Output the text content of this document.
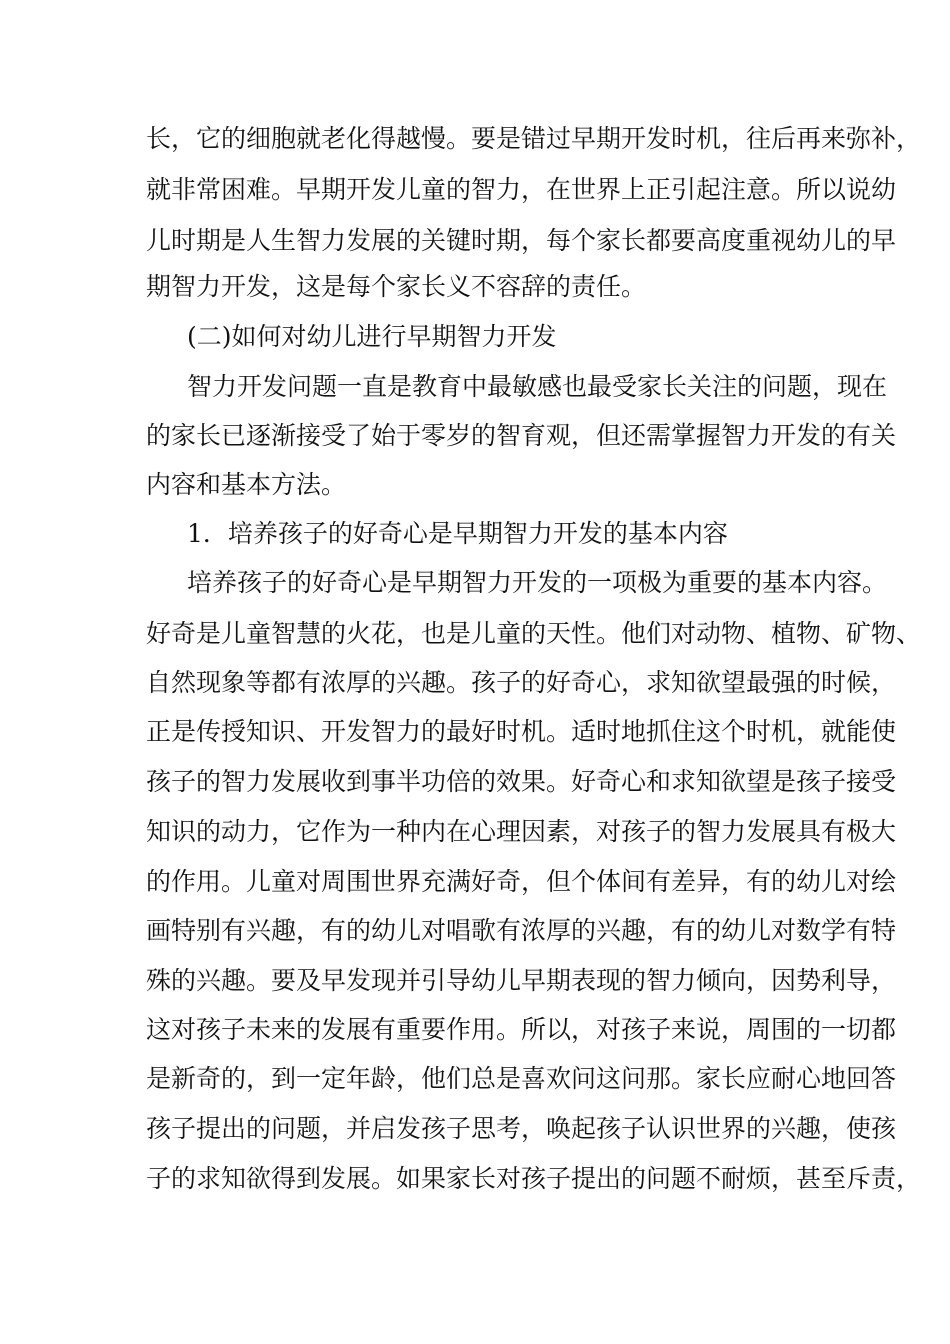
长，它的细胞就老化得越慢。要是错过早期开发时机，往后再来弥补，
就非常困难。早期开发儿童的智力，在世界上正引起注意。所以说幼
儿时期是人生智力发展的关键时期，每个家长都要高度重视幼儿的早
期智力开发，这是每个家长义不容辞的责任。
(二)如何对幼儿进行早期智力开发
智力开发问题一直是教育中最敏感也最受家长关注的问题，现在
的家长已逐渐接受了始于零岁的智育观，但还需掌握智力开发的有关
内容和基本方法。
1．培养孩子的好奇心是早期智力开发的基本内容
培养孩子的好奇心是早期智力开发的一项极为重要的基本内容。
好奇是儿童智慧的火花，也是儿童的天性。他们对动物、植物、矿物、
自然现象等都有浓厚的兴趣。孩子的好奇心，求知欲望最强的时候，
正是传授知识、开发智力的最好时机。适时地抓住这个时机，就能使
孩子的智力发展收到事半功倍的效果。好奇心和求知欲望是孩子接受
知识的动力，它作为一种内在心理因素，对孩子的智力发展具有极大
的作用。儿童对周围世界充满好奇，但个体间有差异，有的幼儿对绘
画特别有兴趣，有的幼儿对唱歌有浓厚的兴趣，有的幼儿对数学有特
殊的兴趣。要及早发现并引导幼儿早期表现的智力倾向，因势利导，
这对孩子未来的发展有重要作用。所以，对孩子来说，周围的一切都
是新奇的，到一定年龄，他们总是喜欢问这问那。家长应耐心地回答
孩子提出的问题，并启发孩子思考，唤起孩子认识世界的兴趣，使孩
子的求知欲得到发展。如果家长对孩子提出的问题不耐烦，甚至斥责，
